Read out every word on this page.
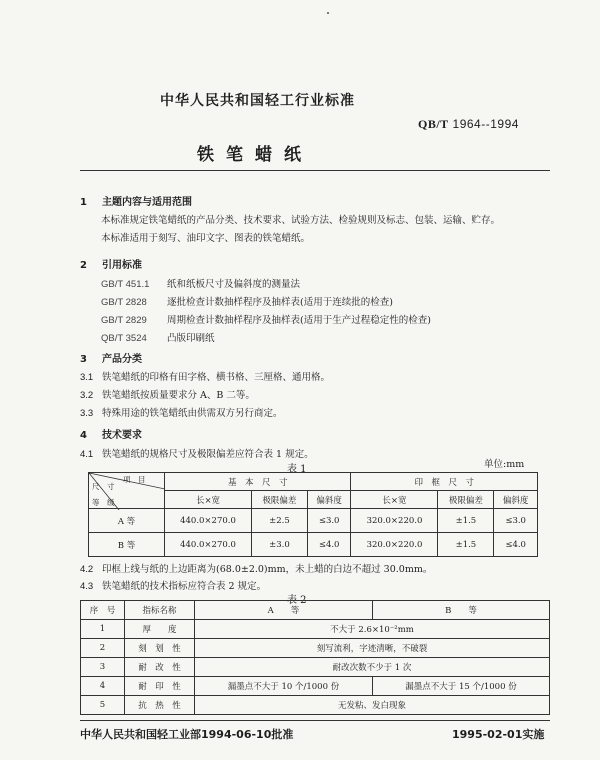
中华人民共和国轻工行业标准
QB/T 1964--1994
铁笔蜡纸
1 主题内容与适用范围
本标准规定铁笔蜡纸的产品分类、技术要求、试验方法、检验规则及标志、包装、运输、贮存。
本标准适用于刻写、油印文字、图表的铁笔蜡纸。
2 引用标准
GB/T 451.1 纸和纸板尺寸及偏斜度的测量法
GB/T 2828 逐批检查计数抽样程序及抽样表(适用于连续批的检查)
GB/T 2829 周期检查计数抽样程序及抽样表(适用于生产过程稳定性的检查)
QB/T 3524 凸版印刷纸
3 产品分类
3.1 铁笔蜡纸的印格有田字格、横书格、三厘格、通用格。
3.2 铁笔蜡纸按质量要求分 A、B 二等。
3.3 特殊用途的铁笔蜡纸由供需双方另行商定。
4 技术要求
4.1 铁笔蜡纸的规格尺寸及极限偏差应符合表 1 规定。
表 1	单位:mm
项　目
尺　寸
等　级	基　本　尺　寸			印　框　尺　寸		
	长×宽	极限偏差	偏斜度	长×宽	极限偏差	偏斜度
A 等	440.0×270.0	±2.5	≤3.0	320.0×220.0	±1.5	≤3.0
B 等	440.0×270.0	±3.0	≤4.0	320.0×220.0	±1.5	≤4.0
4.2 印框上线与纸的上边距离为(68.0±2.0)mm，未上蜡的白边不超过 30.0mm。
4.3 铁笔蜡纸的技术指标应符合表 2 规定。
表 2
序　号	指标名称	A　　等	B　　等
1	厚　　度	不大于 2.6×10⁻²mm	
2	刻　划　性	刻写流利，字迹清晰，不破裂	
3	耐　改　性	耐改次数不少于 1 次	
4	耐　印　性	漏墨点不大于 10 个/1000 份	漏墨点不大于 15 个/1000 份
5	抗　热　性	无发粘、发白现象	
中华人民共和国轻工业部1994-06-10批准	1995-02-01实施
